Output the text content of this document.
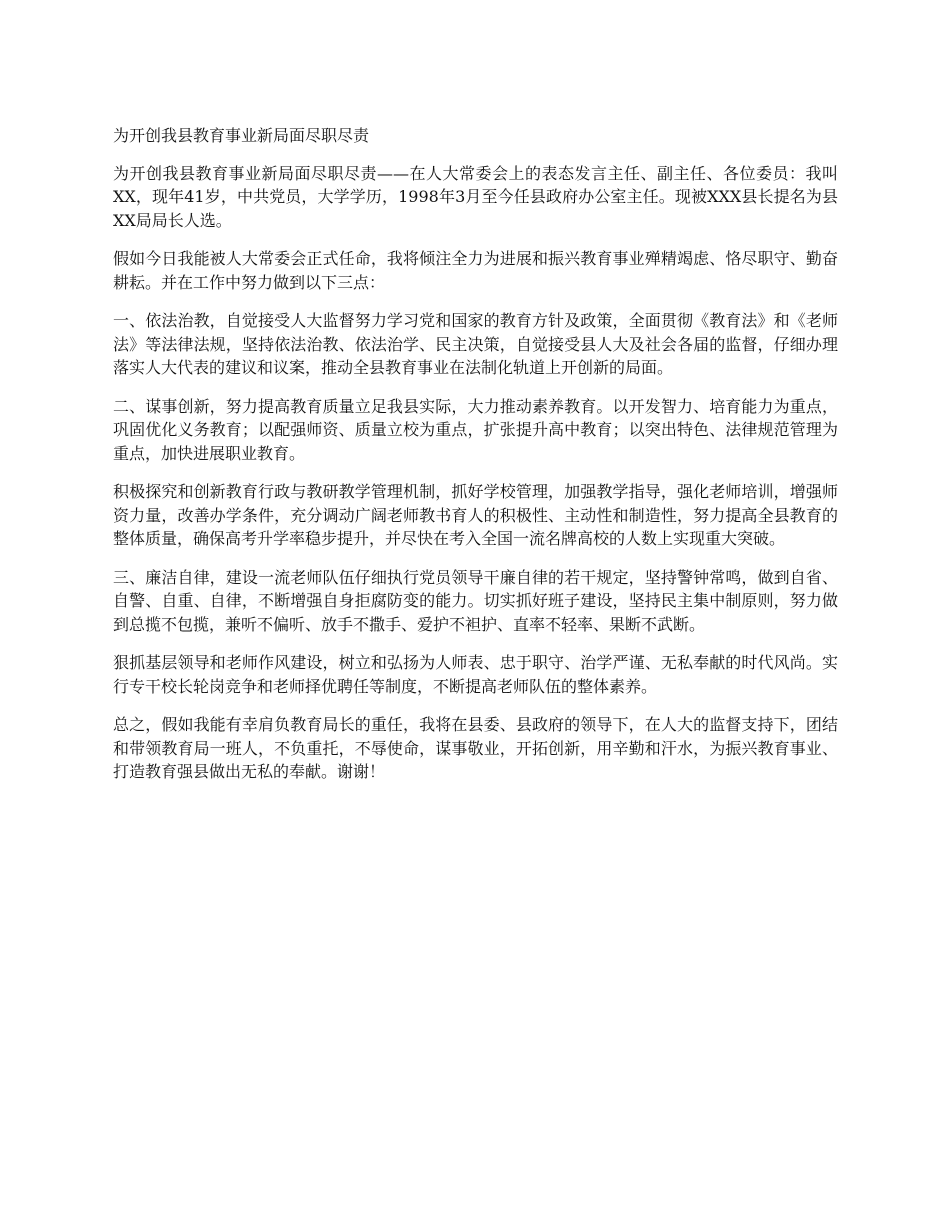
为开创我县教育事业新局面尽职尽责

为开创我县教育事业新局面尽职尽责——在人大常委会上的表态发言主任、副主任、各位委员：我叫XX，现年41岁，中共党员，大学学历，1998年3月至今任县政府办公室主任。现被XXX县长提名为县XX局局长人选。

假如今日我能被人大常委会正式任命，我将倾注全力为进展和振兴教育事业殚精竭虑、恪尽职守、勤奋耕耘。并在工作中努力做到以下三点：

一、依法治教，自觉接受人大监督努力学习党和国家的教育方针及政策，全面贯彻《教育法》和《老师法》等法律法规，坚持依法治教、依法治学、民主决策，自觉接受县人大及社会各届的监督，仔细办理落实人大代表的建议和议案，推动全县教育事业在法制化轨道上开创新的局面。

二、谋事创新，努力提高教育质量立足我县实际，大力推动素养教育。以开发智力、培育能力为重点，巩固优化义务教育；以配强师资、质量立校为重点，扩张提升高中教育；以突出特色、法律规范管理为重点，加快进展职业教育。

积极探究和创新教育行政与教研教学管理机制，抓好学校管理，加强教学指导，强化老师培训，增强师资力量，改善办学条件，充分调动广阔老师教书育人的积极性、主动性和制造性，努力提高全县教育的整体质量，确保高考升学率稳步提升，并尽快在考入全国一流名牌高校的人数上实现重大突破。

三、廉洁自律，建设一流老师队伍仔细执行党员领导干廉自律的若干规定，坚持警钟常鸣，做到自省、自警、自重、自律，不断增强自身拒腐防变的能力。切实抓好班子建设，坚持民主集中制原则，努力做到总揽不包揽，兼听不偏听、放手不撒手、爱护不袒护、直率不轻率、果断不武断。

狠抓基层领导和老师作风建设，树立和弘扬为人师表、忠于职守、治学严谨、无私奉献的时代风尚。实行专干校长轮岗竞争和老师择优聘任等制度，不断提高老师队伍的整体素养。

总之，假如我能有幸肩负教育局长的重任，我将在县委、县政府的领导下，在人大的监督支持下，团结和带领教育局一班人，不负重托，不辱使命，谋事敬业，开拓创新，用辛勤和汗水，为振兴教育事业、打造教育强县做出无私的奉献。谢谢！
